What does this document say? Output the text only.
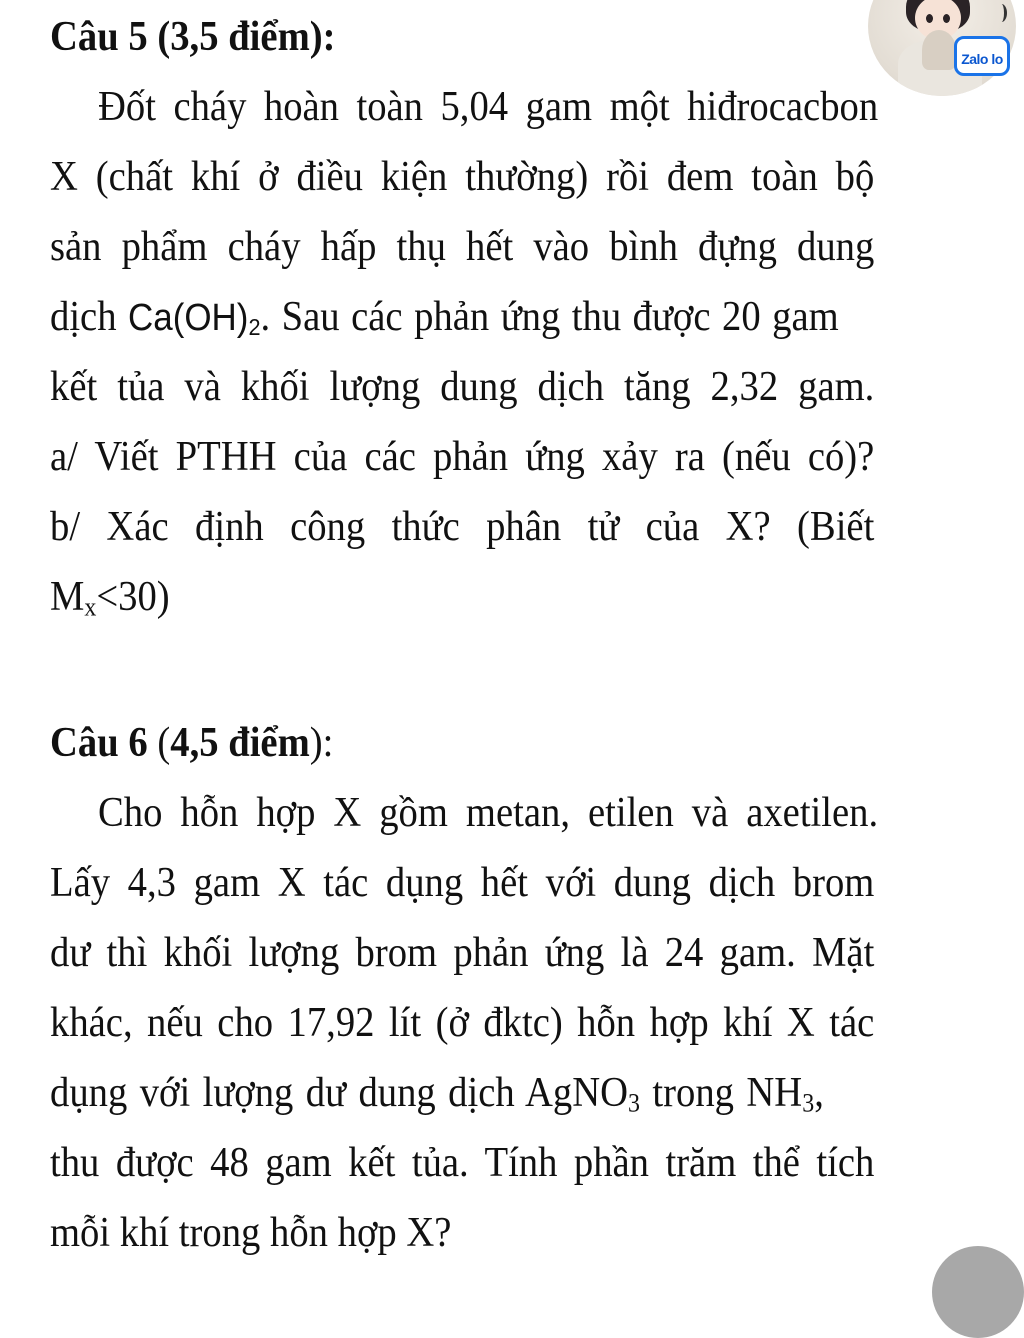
Câu 5 (3,5 điểm):
Đốt cháy hoàn toàn 5,04 gam một hiđrocacbon
X (chất khí ở điều kiện thường) rồi đem toàn bộ
sản phẩm cháy hấp thụ hết vào bình đựng dung
dịch $Ca(OH)_2$. Sau các phản ứng thu được 20 gam
kết tủa và khối lượng dung dịch tăng 2,32 gam.
a/ Viết PTHH của các phản ứng xảy ra (nếu có)?
b/ Xác định công thức phân tử của X? (Biết
$M_x<30$)
Câu 6 (4,5 điểm):
Cho hỗn hợp X gồm metan, etilen và axetilen.
Lấy 4,3 gam X tác dụng hết với dung dịch brom
dư thì khối lượng brom phản ứng là 24 gam. Mặt
khác, nếu cho 17,92 lít (ở đktc) hỗn hợp khí X tác
dụng với lượng dư dung dịch AgNO$_3$ trong $NH_3$,
thu được 48 gam kết tủa. Tính phần trăm thể tích
mỗi khí trong hỗn hợp X?
Zalo lo
